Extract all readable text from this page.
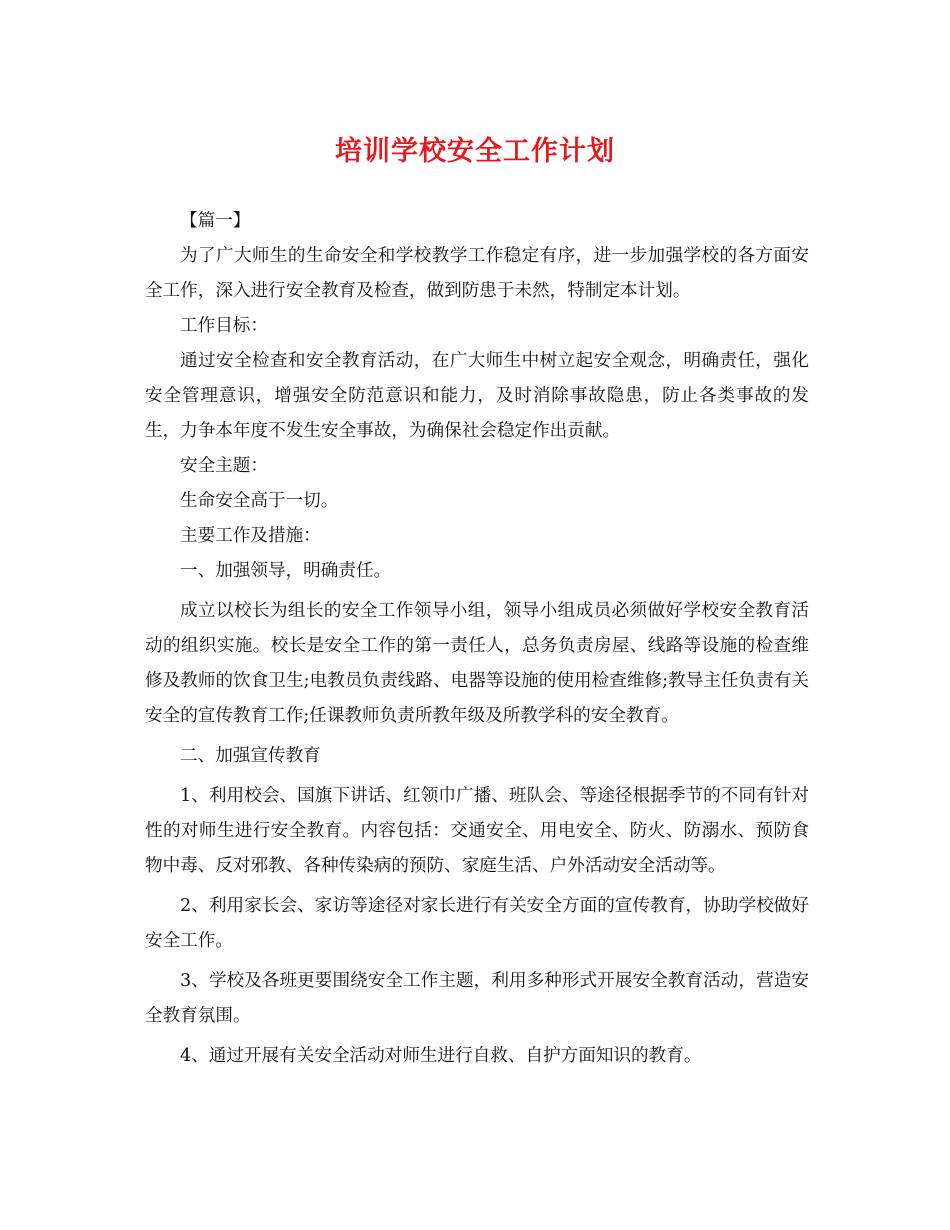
培训学校安全工作计划

【篇一】

为了广大师生的生命安全和学校教学工作稳定有序，进一步加强学校的各方面安全工作，深入进行安全教育及检查，做到防患于未然，特制定本计划。

工作目标：

通过安全检查和安全教育活动，在广大师生中树立起安全观念，明确责任，强化安全管理意识，增强安全防范意识和能力，及时消除事故隐患，防止各类事故的发生，力争本年度不发生安全事故，为确保社会稳定作出贡献。

安全主题：

生命安全高于一切。

主要工作及措施：

一、加强领导，明确责任。

成立以校长为组长的安全工作领导小组，领导小组成员必须做好学校安全教育活动的组织实施。校长是安全工作的第一责任人，总务负责房屋、线路等设施的检查维修及教师的饮食卫生;电教员负责线路、电器等设施的使用检查维修;教导主任负责有关安全的宣传教育工作;任课教师负责所教年级及所教学科的安全教育。

二、加强宣传教育

1、利用校会、国旗下讲话、红领巾广播、班队会、等途径根据季节的不同有针对性的对师生进行安全教育。内容包括：交通安全、用电安全、防火、防溺水、预防食物中毒、反对邪教、各种传染病的预防、家庭生活、户外活动安全活动等。

2、利用家长会、家访等途径对家长进行有关安全方面的宣传教育，协助学校做好安全工作。

3、学校及各班更要围绕安全工作主题，利用多种形式开展安全教育活动，营造安全教育氛围。

4、通过开展有关安全活动对师生进行自救、自护方面知识的教育。
